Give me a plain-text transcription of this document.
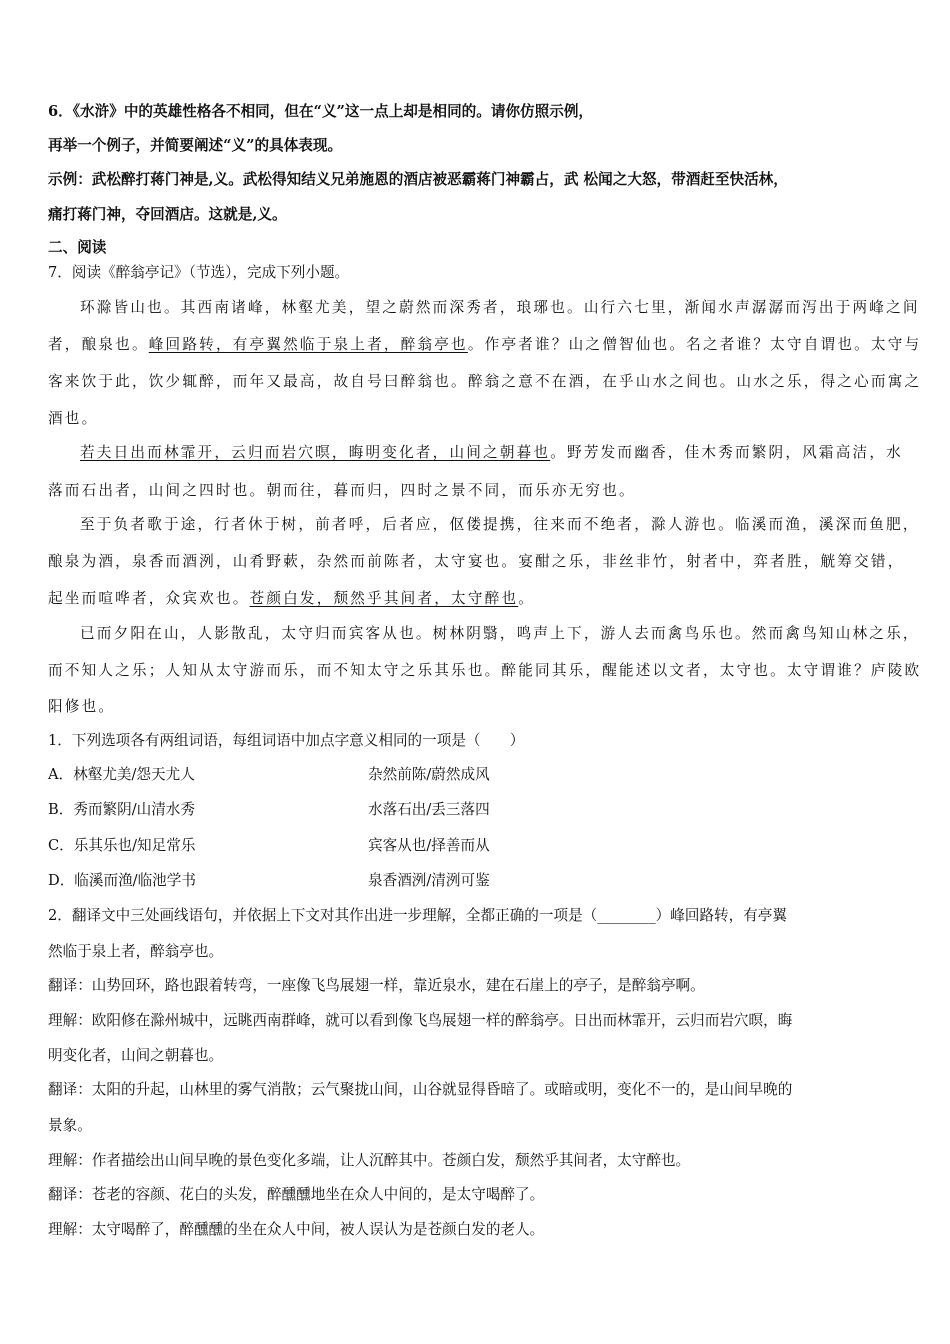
6．《水浒》中的英雄性格各不相同，但在“义”这一点上却是相同的。请你仿照示例，
再举一个例子，并简要阐述“义”的具体表现。
示例：武松醉打蒋门神是,义。武松得知结义兄弟施恩的酒店被恶霸蒋门神霸占，武 松闻之大怒，带酒赶至快活林，
痛打蒋门神，夺回酒店。这就是,义。
二、阅读
7．阅读《醉翁亭记》（节选），完成下列小题。
环滁皆山也。其西南诸峰，林壑尤美，望之蔚然而深秀者，琅琊也。山行六七里，渐闻水声潺潺而泻出于两峰之间
者，酿泉也。峰回路转，有亭翼然临于泉上者，醉翁亭也。作亭者谁？山之僧智仙也。名之者谁？太守自谓也。太守与
客来饮于此，饮少辄醉，而年又最高，故自号曰醉翁也。醉翁之意不在酒，在乎山水之间也。山水之乐，得之心而寓之
酒也。
若夫日出而林霏开，云归而岩穴暝，晦明变化者，山间之朝暮也。野芳发而幽香，佳木秀而繁阴，风霜高洁，水
落而石出者，山间之四时也。朝而往，暮而归，四时之景不同，而乐亦无穷也。
至于负者歌于途，行者休于树，前者呼，后者应，伛偻提携，往来而不绝者，滁人游也。临溪而渔，溪深而鱼肥，
酿泉为酒，泉香而酒洌，山肴野蔌，杂然而前陈者，太守宴也。宴酣之乐，非丝非竹，射者中，弈者胜，觥筹交错，
起坐而喧哗者，众宾欢也。苍颜白发，颓然乎其间者，太守醉也。
已而夕阳在山，人影散乱，太守归而宾客从也。树林阴翳，鸣声上下，游人去而禽鸟乐也。然而禽鸟知山林之乐，
而不知人之乐；人知从太守游而乐，而不知太守之乐其乐也。醉能同其乐，醒能述以文者，太守也。太守谓谁？庐陵欧
阳修也。
1．下列选项各有两组词语，每组词语中加点字意义相同的一项是（　　）
A．林壑尤美/怨天尤人	杂然前陈/蔚然成风
B．秀而繁阴/山清水秀	水落石出/丢三落四
C．乐其乐也/知足常乐	宾客从也/择善而从
D．临溪而渔/临池学书	泉香酒洌/清洌可鉴
2．翻译文中三处画线语句，并依据上下文对其作出进一步理解，全都正确的一项是（________）峰回路转，有亭翼
然临于泉上者，醉翁亭也。
翻译：山势回环，路也跟着转弯，一座像飞鸟展翅一样，靠近泉水，建在石崖上的亭子，是醉翁亭啊。
理解：欧阳修在滁州城中，远眺西南群峰，就可以看到像飞鸟展翅一样的醉翁亭。日出而林霏开，云归而岩穴暝，晦
明变化者，山间之朝暮也。
翻译：太阳的升起，山林里的雾气消散；云气聚拢山间，山谷就显得昏暗了。或暗或明，变化不一的，是山间早晚的
景象。
理解：作者描绘出山间早晚的景色变化多端，让人沉醉其中。苍颜白发，颓然乎其间者，太守醉也。
翻译：苍老的容颜、花白的头发，醉醺醺地坐在众人中间的，是太守喝醉了。
理解：太守喝醉了，醉醺醺的坐在众人中间，被人误认为是苍颜白发的老人。
